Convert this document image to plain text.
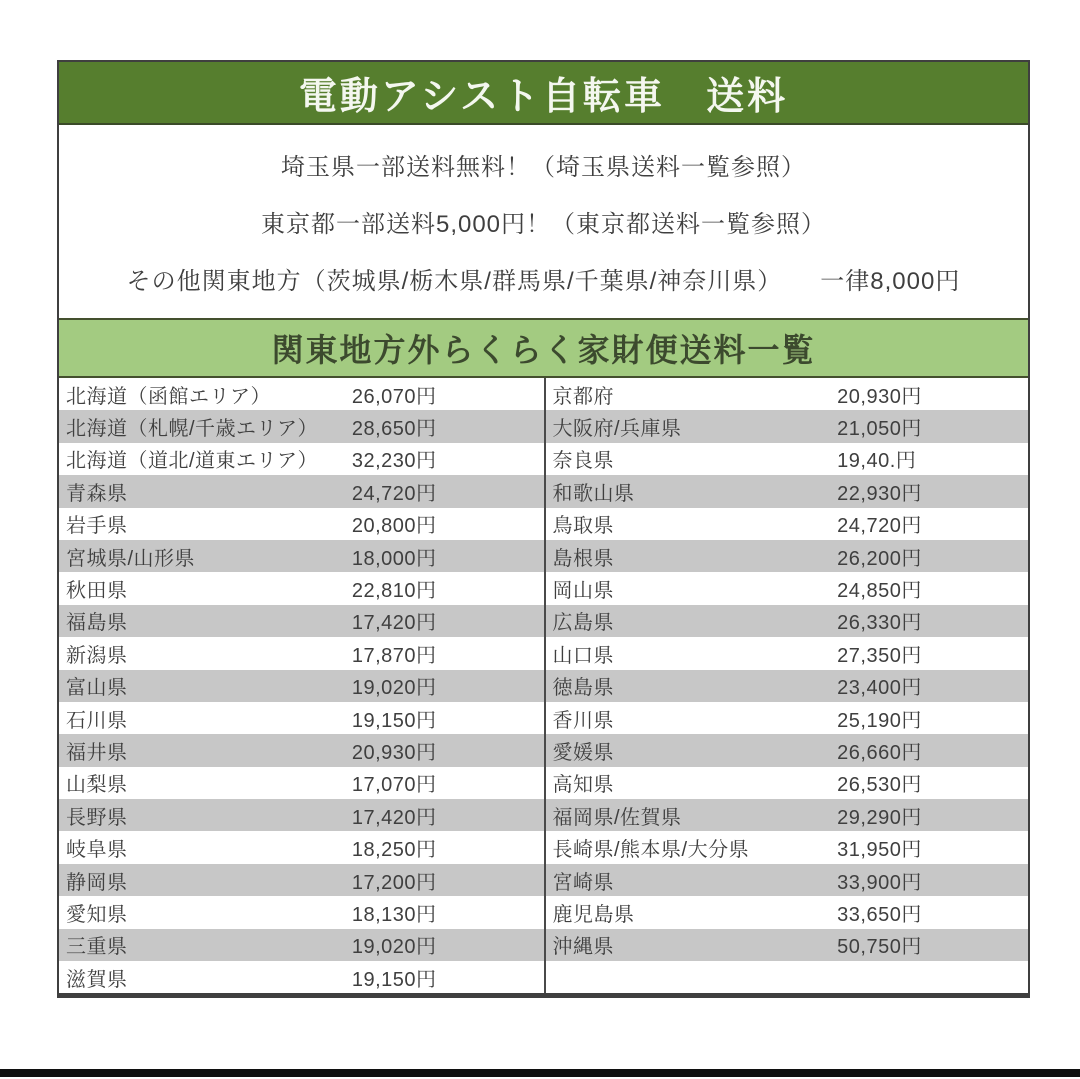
電動アシスト自転車　送料
埼玉県一部送料無料！（埼玉県送料一覧参照）
東京都一部送料5,000円！（東京都送料一覧参照）
その他関東地方（茨城県/栃木県/群馬県/千葉県/神奈川県）　　一律8,000円
関東地方外らくらく家財便送料一覧
北海道（函館エリア）	26,070円
北海道（札幌/千歳エリア）	28,650円
北海道（道北/道東エリア）	32,230円
青森県	24,720円
岩手県	20,800円
宮城県/山形県	18,000円
秋田県	22,810円
福島県	17,420円
新潟県	17,870円
富山県	19,020円
石川県	19,150円
福井県	20,930円
山梨県	17,070円
長野県	17,420円
岐阜県	18,250円
静岡県	17,200円
愛知県	18,130円
三重県	19,020円
滋賀県	19,150円
京都府	20,930円
大阪府/兵庫県	21,050円
奈良県	19,40.円
和歌山県	22,930円
鳥取県	24,720円
島根県	26,200円
岡山県	24,850円
広島県	26,330円
山口県	27,350円
徳島県	23,400円
香川県	25,190円
愛媛県	26,660円
高知県	26,530円
福岡県/佐賀県	29,290円
長崎県/熊本県/大分県	31,950円
宮崎県	33,900円
鹿児島県	33,650円
沖縄県	50,750円
